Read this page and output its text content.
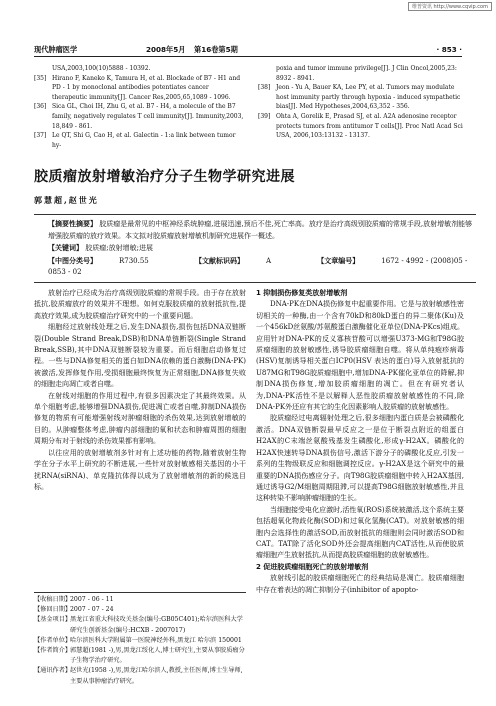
维普资讯 http://www.cqvip.com
现代肿瘤医学	2008年5月 第16卷第5期	· 853 ·
USA,2003,100(10)5888 - 10392.
[35] Hirano F, Kaneko K, Tamura H, et al. Blockade of B7 - H1 and PD - 1 by monoclonal antibodies potentiates cancer therapeutic immunity[J]. Cancer Res,2005,65,1089 - 1096.
[36] Sica GL, Choi IH, Zhu G, et al. B7 - H4, a molecule of the B7 family, negatively regulates T cell immunity[J]. Immunity,2003, 18,849 - 861.
[37] Le QT, Shi G, Cao H, et al. Galectin - 1:a link between tumor hy-
poxia and tumor immune privilege[J]. J Clin Oncol,2005,23: 8932 - 8941.
[38] Jeon - Yu A, Bauer KA, Lee PY, et al. Tumors may modulate host immunity partly through hypoxia - induced sympathetic bias[J]. Med Hypotheses,2004,63,352 - 356.
[39] Ohta A, Gorelik E, Prasad SJ, et al. A2A adenosine receptor protects tumors from antitumor T cells[J]. Proc Natl Acad Sci USA, 2006,103:13132 - 13137.
胶质瘤放射增敏治疗分子生物学研究进展
郭慧超,赵世光
【摘要性摘要】 胶质瘤是最常见的中枢神经系统肿瘤,进展迅速,预后不佳,死亡率高。放疗是治疗高级别胶质瘤的常规手段,放射增敏剂能够增强胶质瘤的放疗效果。本文拟对胶质瘤放射增敏机制研究进展作一概述。
【关键词】 胶质瘤;放射增敏;进展
【中图分类号】	R730.55	【文献标识码】	A	【文章编号】	1672 - 4992 - (2008)05 - 0853 - 02

放射治疗已经成为治疗高级别胶质瘤的常规手段。由于存在放射抵抗,胶质瘤放疗的效果并不理想。如何克服胶质瘤的放射抵抗性,提高放疗效果,成为胶质瘤治疗研究中的一个重要问题。

细胞经过放射线处理之后,发生DNA损伤,损伤包括DNA双链断裂(Double Strand Break,DSB)和DNA单链断裂(Single Strand Break,SSB),其中DNA双链断裂较为重要。而后细胞启动修复过程。一些与DNA修复相关的蛋白如DNA依赖的蛋白激酶(DNA-PK)被激活,发挥修复作用,受损细胞最终恢复为正常细胞,DNA修复失败的细胞走向凋亡或者自噬。

在射线对细胞的作用过程中,有很多因素决定了其最终效果。从单个细胞考虑,能够增强DNA损伤,促进凋亡或者自噬,抑制DNA损伤修复的物质有可能增强射线对肿瘤细胞的杀伤效果,达到放射增敏的目的。从肿瘤整体考虑,肿瘤内部细胞的氧和状态和肿瘤周围的细胞周期分布对于射线的杀伤效果都有影响。

以往应用的放射增敏剂多针对有上述功能的药物,随着放射生物学在分子水平上研究的不断进展,一些针对放射敏感相关基因的小干扰RNA(siRNA)、单克隆抗体得以成为了放射增敏剂的新的候选目标。

【收稿日期】
2007 - 06 - 11
【修回日期】
2007 - 07 - 24
【基金项目】
黑龙江省重大科技攻关基金(编号:GB05C401);哈尔滨医科大学研究生创新基金(编号:HCXB - 2007017)
【作者单位】
哈尔滨医科大学附属第一医院神经外科,黑龙江 哈尔滨 150001
【作者简介】
郭慧超(1981 -),男,黑龙江绥化人,博士研究生,主要从事胶质瘤分子生物学治疗研究。
【通讯作者】
赵世光(1958 -),男,黑龙江哈尔滨人,教授,主任医师,博士生导师,主要从事肿瘤治疗研究。
1 抑制损伤修复类放射增敏剂

DNA-PK在DNA损伤修复中起重要作用。它是与放射敏感性密切相关的一种酶,由一个含有70kD和80kD蛋白的异二聚体(Ku)及一个456kD丝氨酸/苏氨酸蛋白激酶催化亚单位(DNA-PKcs)组成。应用针对DNA-PK的反义寡核苷酸可以增强U373-MG和T98G胶质瘤细胞的放射敏感性,诱导胶质瘤细胞自噬。将从单纯疱疹病毒(HSV)复制诱导相关蛋白ICP0(HSV 表达的蛋白)导入放射抵抗的U87MG和T98G胶质瘤细胞中,增加DNA-PK催化亚单位的降解,抑制DNA损伤修复,增加胶质瘤细胞的凋亡。但在有研究者认为,DNA-PK活性不是以解释人恶性胶质瘤放射敏感性的不同,除DNA-PK外还应有其它的生化因素影响人胶质瘤的放射敏感性。

胶质瘤经过电离辐射处理之后,很多细胞内蛋白质是会被磷酸化激活。DNA双链断裂最早反应之一是位于断裂点附近的组蛋白H2AX的C末端丝氨酸残基发生磷酸化,形成γ-H2AX。磷酸化的H2AX快速转导DNA损伤信号,激活下游分子的磷酸化反应,引发一系列的生物级联反应和细胞调控反应。γ-H2AX是这个研究中的最重要的DNA损伤感应分子。向T98G胶质瘤细胞中转入H2AX基因,通过诱导G2/M细胞周期阻滞,可以提高T98G细胞放射敏感性,并且这种转染不影响肿瘤细胞的生长。

当细胞接受电化应激时,活性氧(ROS)系统被激活,这个系统主要包括超氧化物歧化酶(SOD)和过氧化氢酶(CAT)。对放射敏感的细胞内会选择性的激活SOD,而放射抵抗的细胞则会同时激活SOD和CAT。TAT除了活化SOD外还会提高细胞内CAT活性,从而使胶质瘤细胞产生放射抵抗,从而提高胶质瘤细胞的放射敏感性。

2 促进胶质瘤细胞死亡的放射增敏剂

放射线引起的胶质瘤细胞死亡的经典结局是凋亡。胶质瘤细胞中存在着表达的凋亡抑制分子(inhibitor of apopto-
